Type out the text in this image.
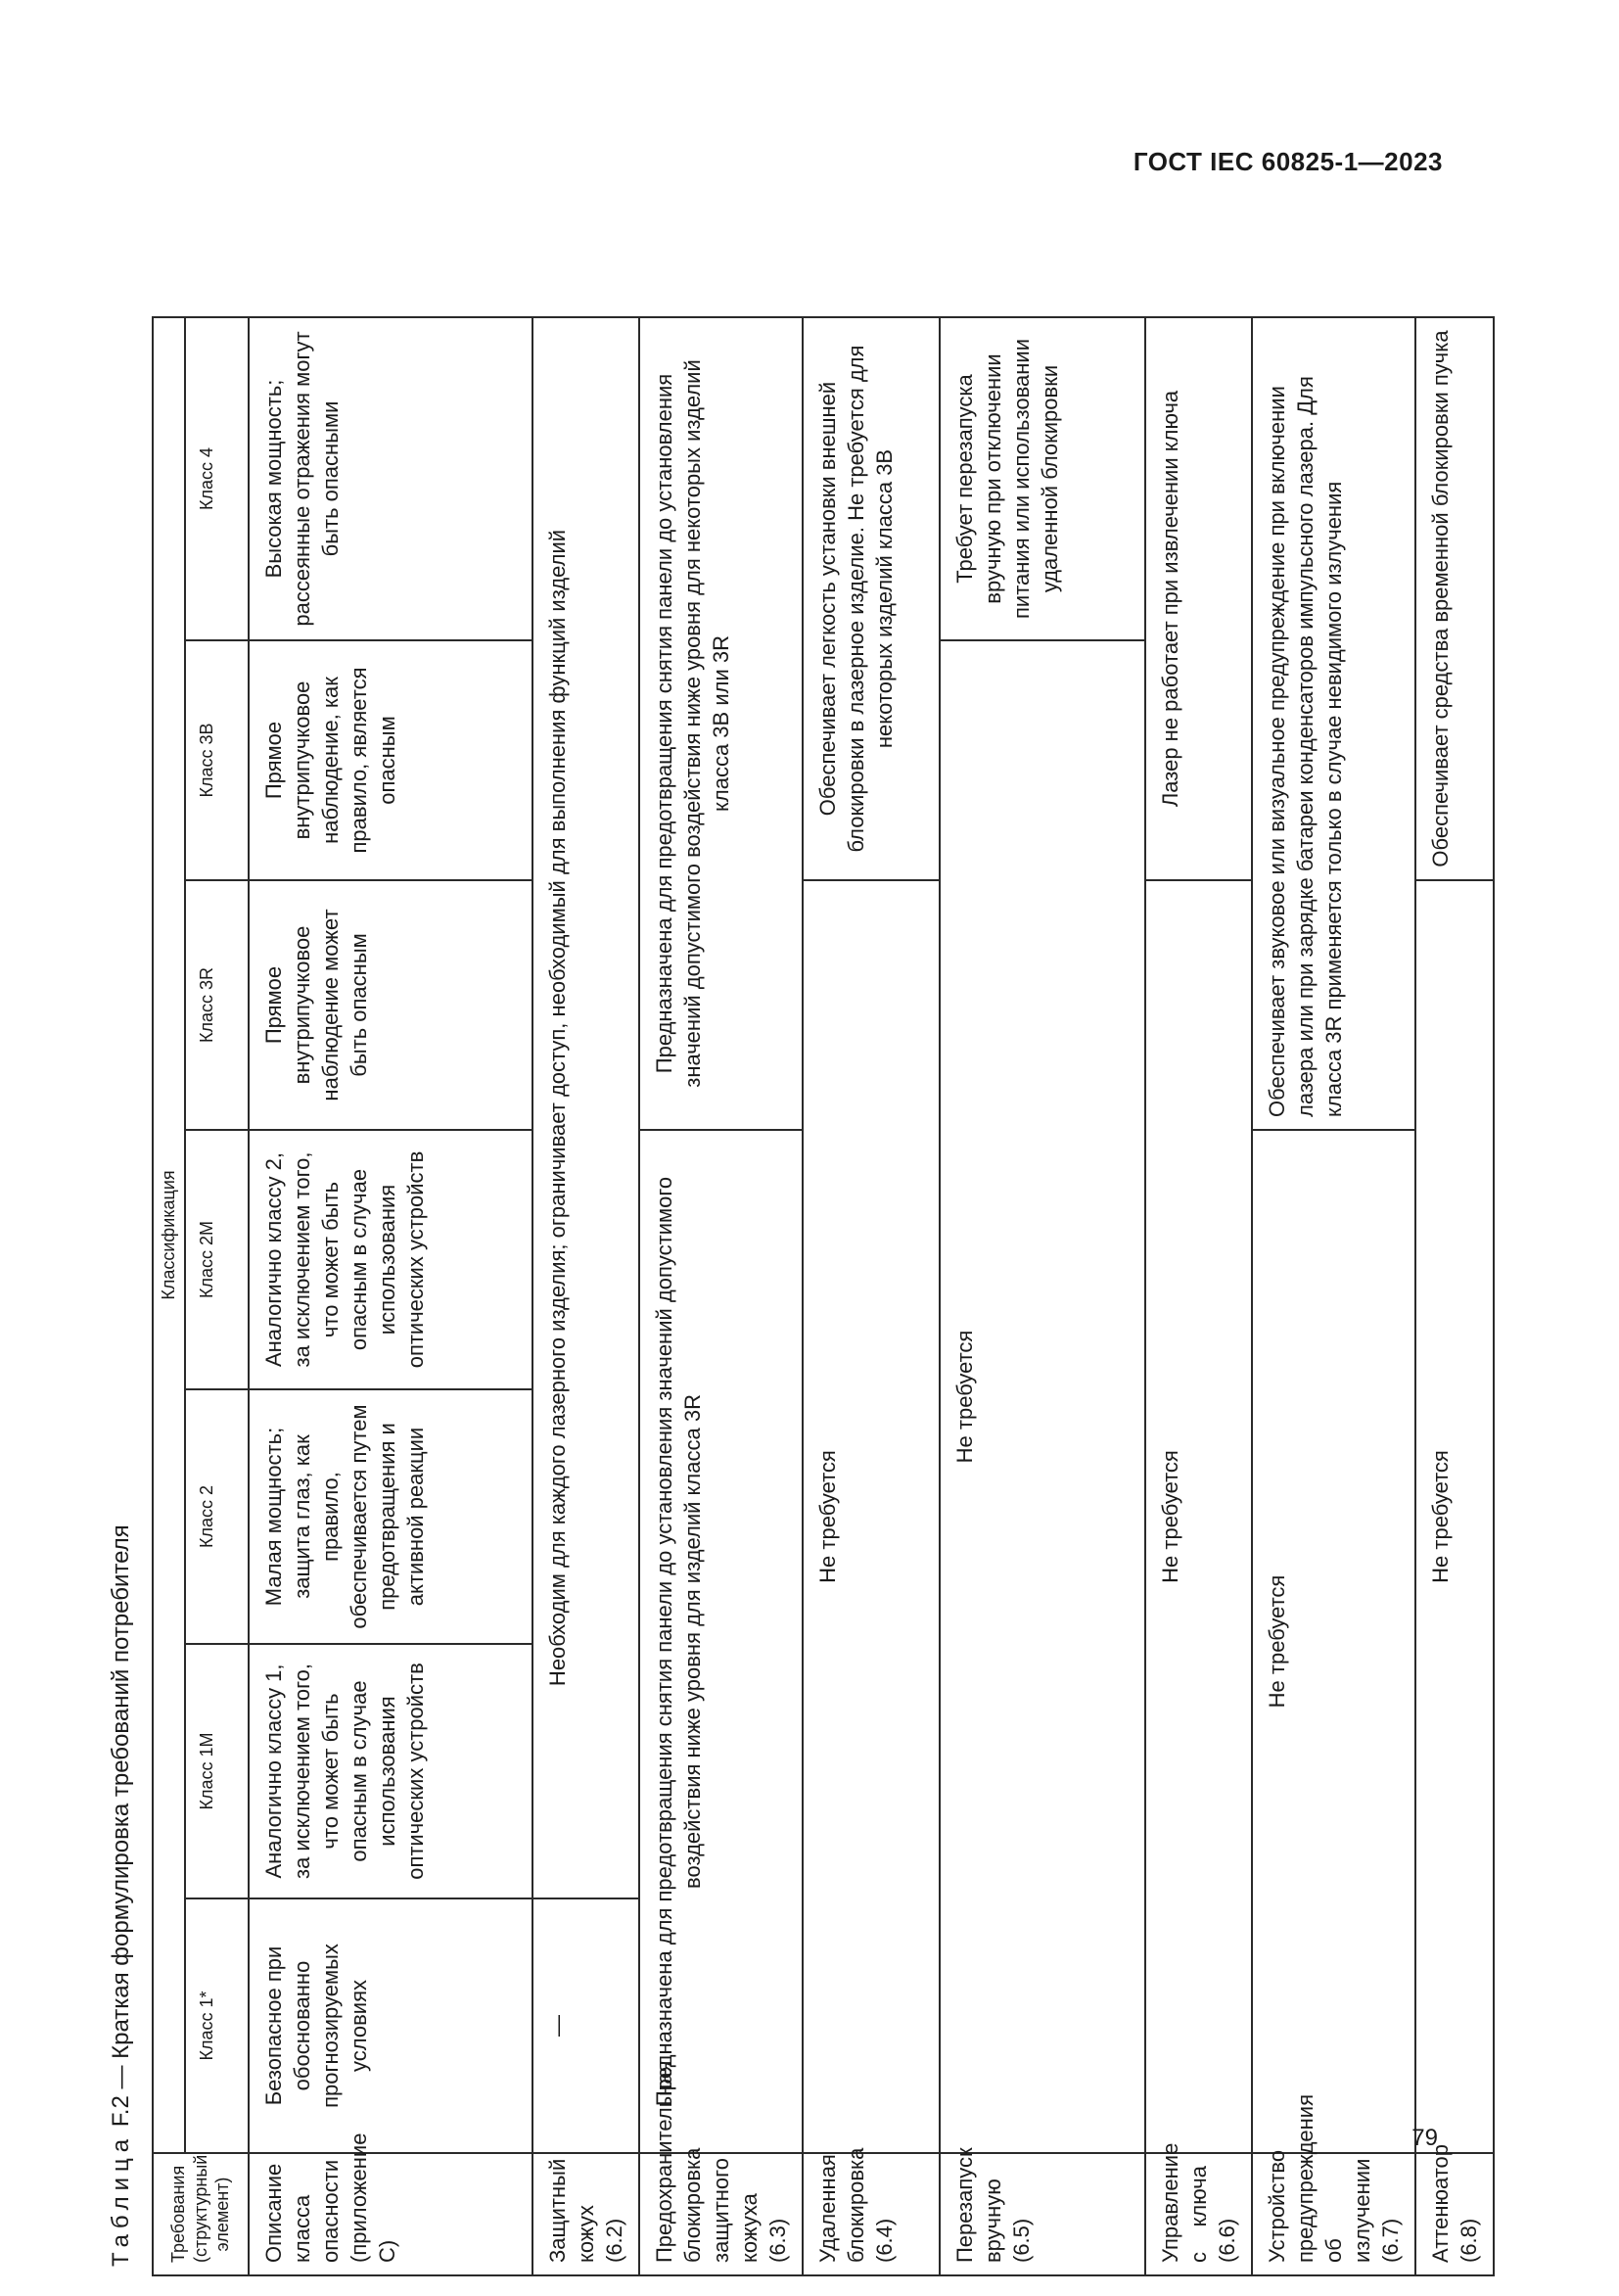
ГОСТ IEC 60825-1—2023
Таблица F.2 — Краткая формулировка требований потребителя
Требования (структурный элемент)	Классификация						
	Класс 1*	Класс 1М	Класс 2	Класс 2М	Класс 3R	Класс 3B	Класс 4
Описание класса опасности (приложение С)	Безопасное при обоснованно прогнозируемых условиях	Аналогично классу 1, за исключением того, что может быть опасным в случае использования оптических устройств	Малая мощность; защита глаз, как правило, обеспечивается путем предотвращения и активной реакции	Аналогично классу 2, за исключением того, что может быть опасным в случае использования оптических устройств	Прямое внутрипучковое наблюдение может быть опасным	Прямое внутрипучковое наблюдение, как правило, является опасным	Высокая мощность; рассеянные отражения могут быть опасными
Защитный кожух (6.2)	—	Необходим для каждого лазерного изделия; ограничивает доступ, необходимый для выполнения функций изделий					
Предохранительная блокировка защитного кожуха (6.3)	Предназначена для предотвращения снятия панели до установления значений допустимого воздействия ниже уровня для изделий класса 3R				Предназначена для предотвращения снятия панели до установления значений допустимого воздействия ниже уровня для некоторых изделий класса 3B или 3R		
Удаленная блокировка (6.4)	Не требуется					Обеспечивает легкость установки внешней блокировки в лазерное изделие. Не требуется для некоторых изделий класса 3B	
Перезапуск вручную (6.5)	Не требуется						Требует перезапуска вручную при отключении питания или использовании удаленной блокировки
Управление с ключа (6.6)	Не требуется					Лазер не работает при извлечении ключа	
Устройство предупреждения об излучении (6.7)	Не требуется				Обеспечивает звуковое или визуальное предупреждение при включении лазера или при зарядке батареи конденсаторов импульсного лазера. Для класса 3R применяется только в случае невидимого излучения		
Аттенюатор (6.8)	Не требуется					Обеспечивает средства временной блокировки пучка	
79
